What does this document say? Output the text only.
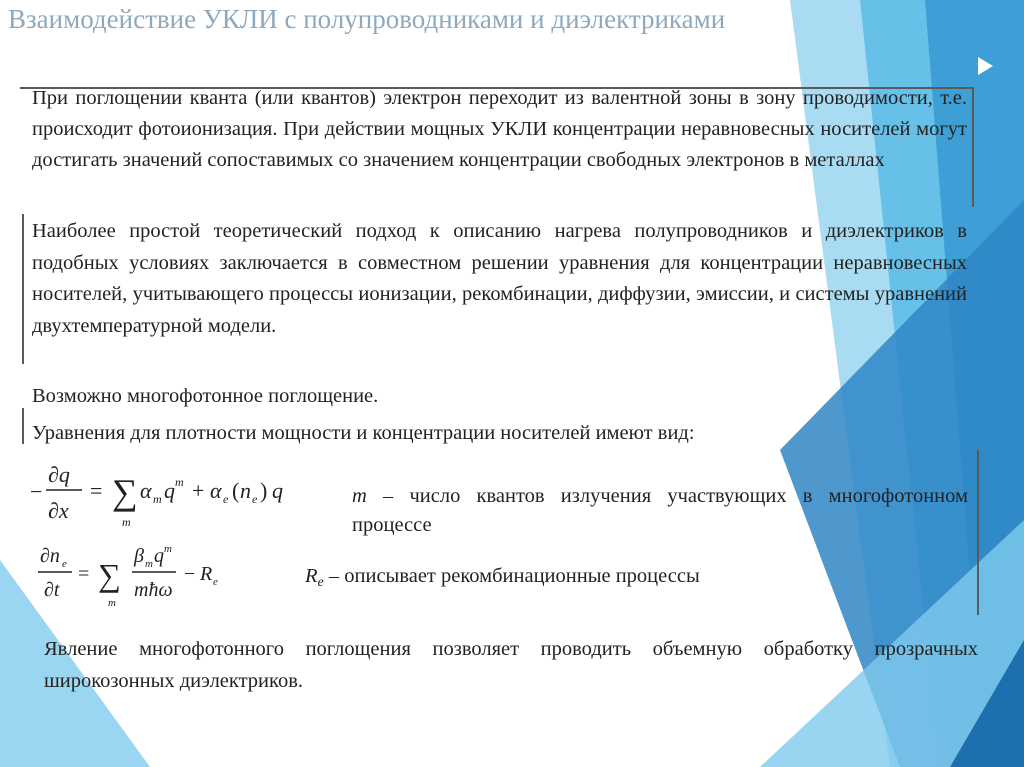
Взаимодействие УКЛИ с полупроводниками и диэлектриками

При поглощении кванта (или квантов) электрон переходит из валентной зоны в зону проводимости, т.е. происходит фотоионизация. При действии мощных УКЛИ концентрации неравновесных носителей могут достигать значений сопоставимых со значением концентрации свободных электронов в металлах

Наиболее простой теоретический подход к описанию нагрева полупроводников и диэлектриков в подобных условиях заключается в совместном решении уравнения для концентрации неравновесных носителей, учитывающего процессы ионизации, рекомбинации, диффузии, эмиссии, и системы уравнений двухтемпературной модели.

Возможно многофотонное поглощение.

Уравнения для плотности мощности и концентрации носителей имеют вид:

−
∂q
∂x
= ∑
m
α m q m + α e ( n e ) q
∂n e
∂t
= ∑
m
β m q m
mħω
− R e
m – число квантов излучения участвующих в многофотонном процессе
$R_e$ – описывает рекомбинационные процессы

Явление многофотонного поглощения позволяет проводить объемную обработку прозрачных широкозонных диэлектриков.
